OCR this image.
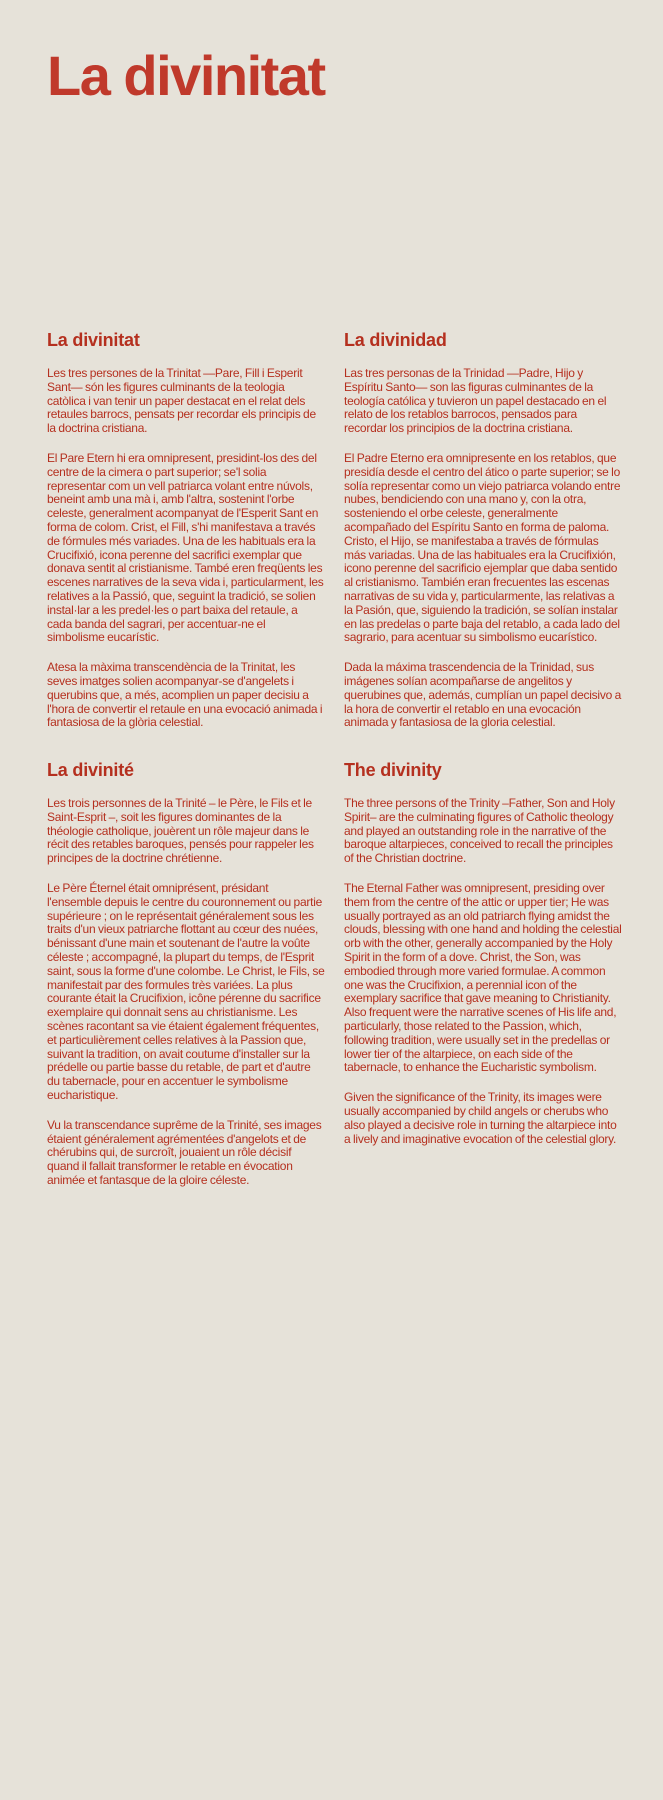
La divinitat
La divinitat

Les tres persones de la Trinitat —Pare, Fill i Esperit Sant— són les figures culminants de la teologia catòlica i van tenir un paper destacat en el relat dels retaules barrocs, pensats per recordar els principis de la doctrina cristiana.

El Pare Etern hi era omnipresent, presidint-los des del centre de la cimera o part superior; se'l solia representar com un vell patriarca volant entre núvols, beneint amb una mà i, amb l'altra, sostenint l'orbe celeste, generalment acompanyat de l'Esperit Sant en forma de colom. Crist, el Fill, s'hi manifestava a través de fórmules més variades. Una de les habituals era la Crucifixió, icona perenne del sacrifici exemplar que donava sentit al cristianisme. També eren freqüents les escenes narratives de la seva vida i, particularment, les relatives a la Passió, que, seguint la tradició, se solien instal·lar a les predel·les o part baixa del retaule, a cada banda del sagrari, per accentuar-ne el simbolisme eucarístic.

Atesa la màxima transcendència de la Trinitat, les seves imatges solien acompanyar-se d'angelets i querubins que, a més, acomplien un paper decisiu a l'hora de convertir el retaule en una evocació animada i fantasiosa de la glòria celestial.

La divinidad

Las tres personas de la Trinidad —Padre, Hijo y Espíritu Santo— son las figuras culminantes de la teología católica y tuvieron un papel destacado en el relato de los retablos barrocos, pensados para recordar los principios de la doctrina cristiana.

El Padre Eterno era omnipresente en los retablos, que presidía desde el centro del ático o parte superior; se lo solía representar como un viejo patriarca volando entre nubes, bendiciendo con una mano y, con la otra, sosteniendo el orbe celeste, generalmente acompañado del Espíritu Santo en forma de paloma. Cristo, el Hijo, se manifestaba a través de fórmulas más variadas. Una de las habituales era la Crucifixión, icono perenne del sacrificio ejemplar que daba sentido al cristianismo. También eran frecuentes las escenas narrativas de su vida y, particularmente, las relativas a la Pasión, que, siguiendo la tradición, se solían instalar en las predelas o parte baja del retablo, a cada lado del sagrario, para acentuar su simbolismo eucarístico.

Dada la máxima trascendencia de la Trinidad, sus imágenes solían acompañarse de angelitos y querubines que, además, cumplían un papel decisivo a la hora de convertir el retablo en una evocación animada y fantasiosa de la gloria celestial.

La divinité

Les trois personnes de la Trinité – le Père, le Fils et le Saint-Esprit –, soit les figures dominantes de la théologie catholique, jouèrent un rôle majeur dans le récit des retables baroques, pensés pour rappeler les principes de la doctrine chrétienne.

Le Père Éternel était omniprésent, présidant l'ensemble depuis le centre du couronnement ou partie supérieure ; on le représentait généralement sous les traits d'un vieux patriarche flottant au cœur des nuées, bénissant d'une main et soutenant de l'autre la voûte céleste ; accompagné, la plupart du temps, de l'Esprit saint, sous la forme d'une colombe. Le Christ, le Fils, se manifestait par des formules très variées. La plus courante était la Crucifixion, icône pérenne du sacrifice exemplaire qui donnait sens au christianisme. Les scènes racontant sa vie étaient également fréquentes, et particulièrement celles relatives à la Passion que, suivant la tradition, on avait coutume d'installer sur la prédelle ou partie basse du retable, de part et d'autre du tabernacle, pour en accentuer le symbolisme eucharistique.

Vu la transcendance suprême de la Trinité, ses images étaient généralement agrémentées d'angelots et de chérubins qui, de surcroît, jouaient un rôle décisif quand il fallait transformer le retable en évocation animée et fantasque de la gloire céleste.

The divinity

The three persons of the Trinity –Father, Son and Holy Spirit– are the culminating figures of Catholic theology and played an outstanding role in the narrative of the baroque altarpieces, conceived to recall the principles of the Christian doctrine.

The Eternal Father was omnipresent, presiding over them from the centre of the attic or upper tier; He was usually portrayed as an old patriarch flying amidst the clouds, blessing with one hand and holding the celestial orb with the other, generally accompanied by the Holy Spirit in the form of a dove. Christ, the Son, was embodied through more varied formulae. A common one was the Crucifixion, a perennial icon of the exemplary sacrifice that gave meaning to Christianity. Also frequent were the narrative scenes of His life and, particularly, those related to the Passion, which, following tradition, were usually set in the predellas or lower tier of the altarpiece, on each side of the tabernacle, to enhance the Eucharistic symbolism.

Given the significance of the Trinity, its images were usually accompanied by child angels or cherubs who also played a decisive role in turning the altarpiece into a lively and imaginative evocation of the celestial glory.
